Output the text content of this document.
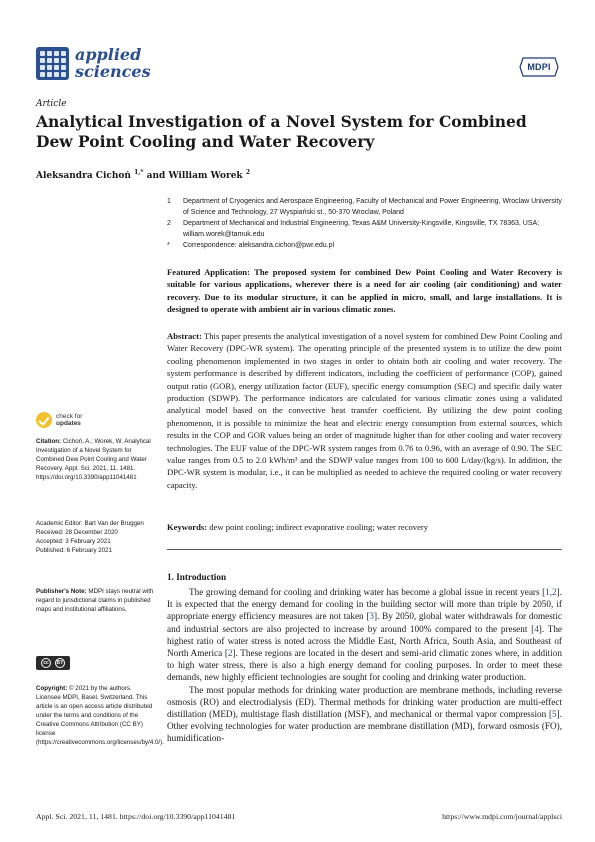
applied
sciences	MDPI
Article
Analytical Investigation of a Novel System for Combined Dew Point Cooling and Water Recovery
Aleksandra Cichoń $^{1,*}$ and William Worek $^2$
1	Department of Cryogenics and Aerospace Engineering, Faculty of Mechanical and Power Engineering, Wroclaw University of Science and Technology, 27 Wyspiański st., 50-370 Wroclaw, Poland
2	Department of Mechanical and Industrial Engineering, Texas A&M University-Kingsville, Kingsville, TX 78363, USA; william.worek@tamuk.edu
*	Correspondence: aleksandra.cichon@pwr.edu.pl
Featured Application: The proposed system for combined Dew Point Cooling and Water Recovery is suitable for various applications, wherever there is a need for air cooling (air conditioning) and water recovery. Due to its modular structure, it can be applied in micro, small, and large installations. It is designed to operate with ambient air in various climatic zones.
Abstract: This paper presents the analytical investigation of a novel system for combined Dew Point Cooling and Water Recovery (DPC-WR system). The operating principle of the presented system is to utilize the dew point cooling phenomenon implemented in two stages in order to obtain both air cooling and water recovery. The system performance is described by different indicators, including the coefficient of performance (COP), gained output ratio (GOR), energy utilization factor (EUF), specific energy consumption (SEC) and specific daily water production (SDWP). The performance indicators are calculated for various climatic zones using a validated analytical model based on the convective heat transfer coefficient. By utilizing the dew point cooling phenomenon, it is possible to minimize the heat and electric energy consumption from external sources, which results in the COP and GOR values being an order of magnitude higher than for other cooling and water recovery technologies. The EUF value of the DPC-WR system ranges from 0.76 to 0.96, with an average of 0.90. The SEC value ranges from 0.5 to 2.0 kWh/m³ and the SDWP value ranges from 100 to 600 L/day/(kg/s). In addition, the DPC-WR system is modular, i.e., it can be multiplied as needed to achieve the required cooling or water recovery capacity.
Keywords: dew point cooling; indirect evaporative cooling; water recovery
check for
updates
Citation: Cichoń, A.; Worek, W. Analytical Investigation of a Novel System for Combined Dew Point Cooling and Water Recovery. Appl. Sci. 2021, 11, 1481. https://doi.org/10.3390/app11041481
Academic Editor: Bart Van der Bruggen
Received: 28 December 2020
Accepted: 3 February 2021
Published: 6 February 2021
Publisher's Note: MDPI stays neutral with regard to jurisdictional claims in published maps and institutional affiliations.
cc	BY
Copyright: © 2021 by the authors. Licensee MDPI, Basel, Switzerland. This article is an open access article distributed under the terms and conditions of the Creative Commons Attribution (CC BY) license (https://creativecommons.org/licenses/by/4.0/).
1. Introduction

The growing demand for cooling and drinking water has become a global issue in recent years [1,2]. It is expected that the energy demand for cooling in the building sector will more than triple by 2050, if appropriate energy efficiency measures are not taken [3]. By 2050, global water withdrawals for domestic and industrial sectors are also projected to increase by around 100% compared to the present [4]. The highest ratio of water stress is noted across the Middle East, North Africa, South Asia, and Southeast of North America [2]. These regions are located in the desert and semi-arid climatic zones where, in addition to high water stress, there is also a high energy demand for cooling purposes. In order to meet these demands, new highly efficient technologies are sought for cooling and drinking water production.

The most popular methods for drinking water production are membrane methods, including reverse osmosis (RO) and electrodialysis (ED). Thermal methods for drinking water production are multi-effect distillation (MED), multistage flash distillation (MSF), and mechanical or thermal vapor compression [5]. Other evolving technologies for water production are membrane distillation (MD), forward osmosis (FO), humidification-

Appl. Sci. 2021, 11, 1481. https://doi.org/10.3390/app11041481	https://www.mdpi.com/journal/applsci
